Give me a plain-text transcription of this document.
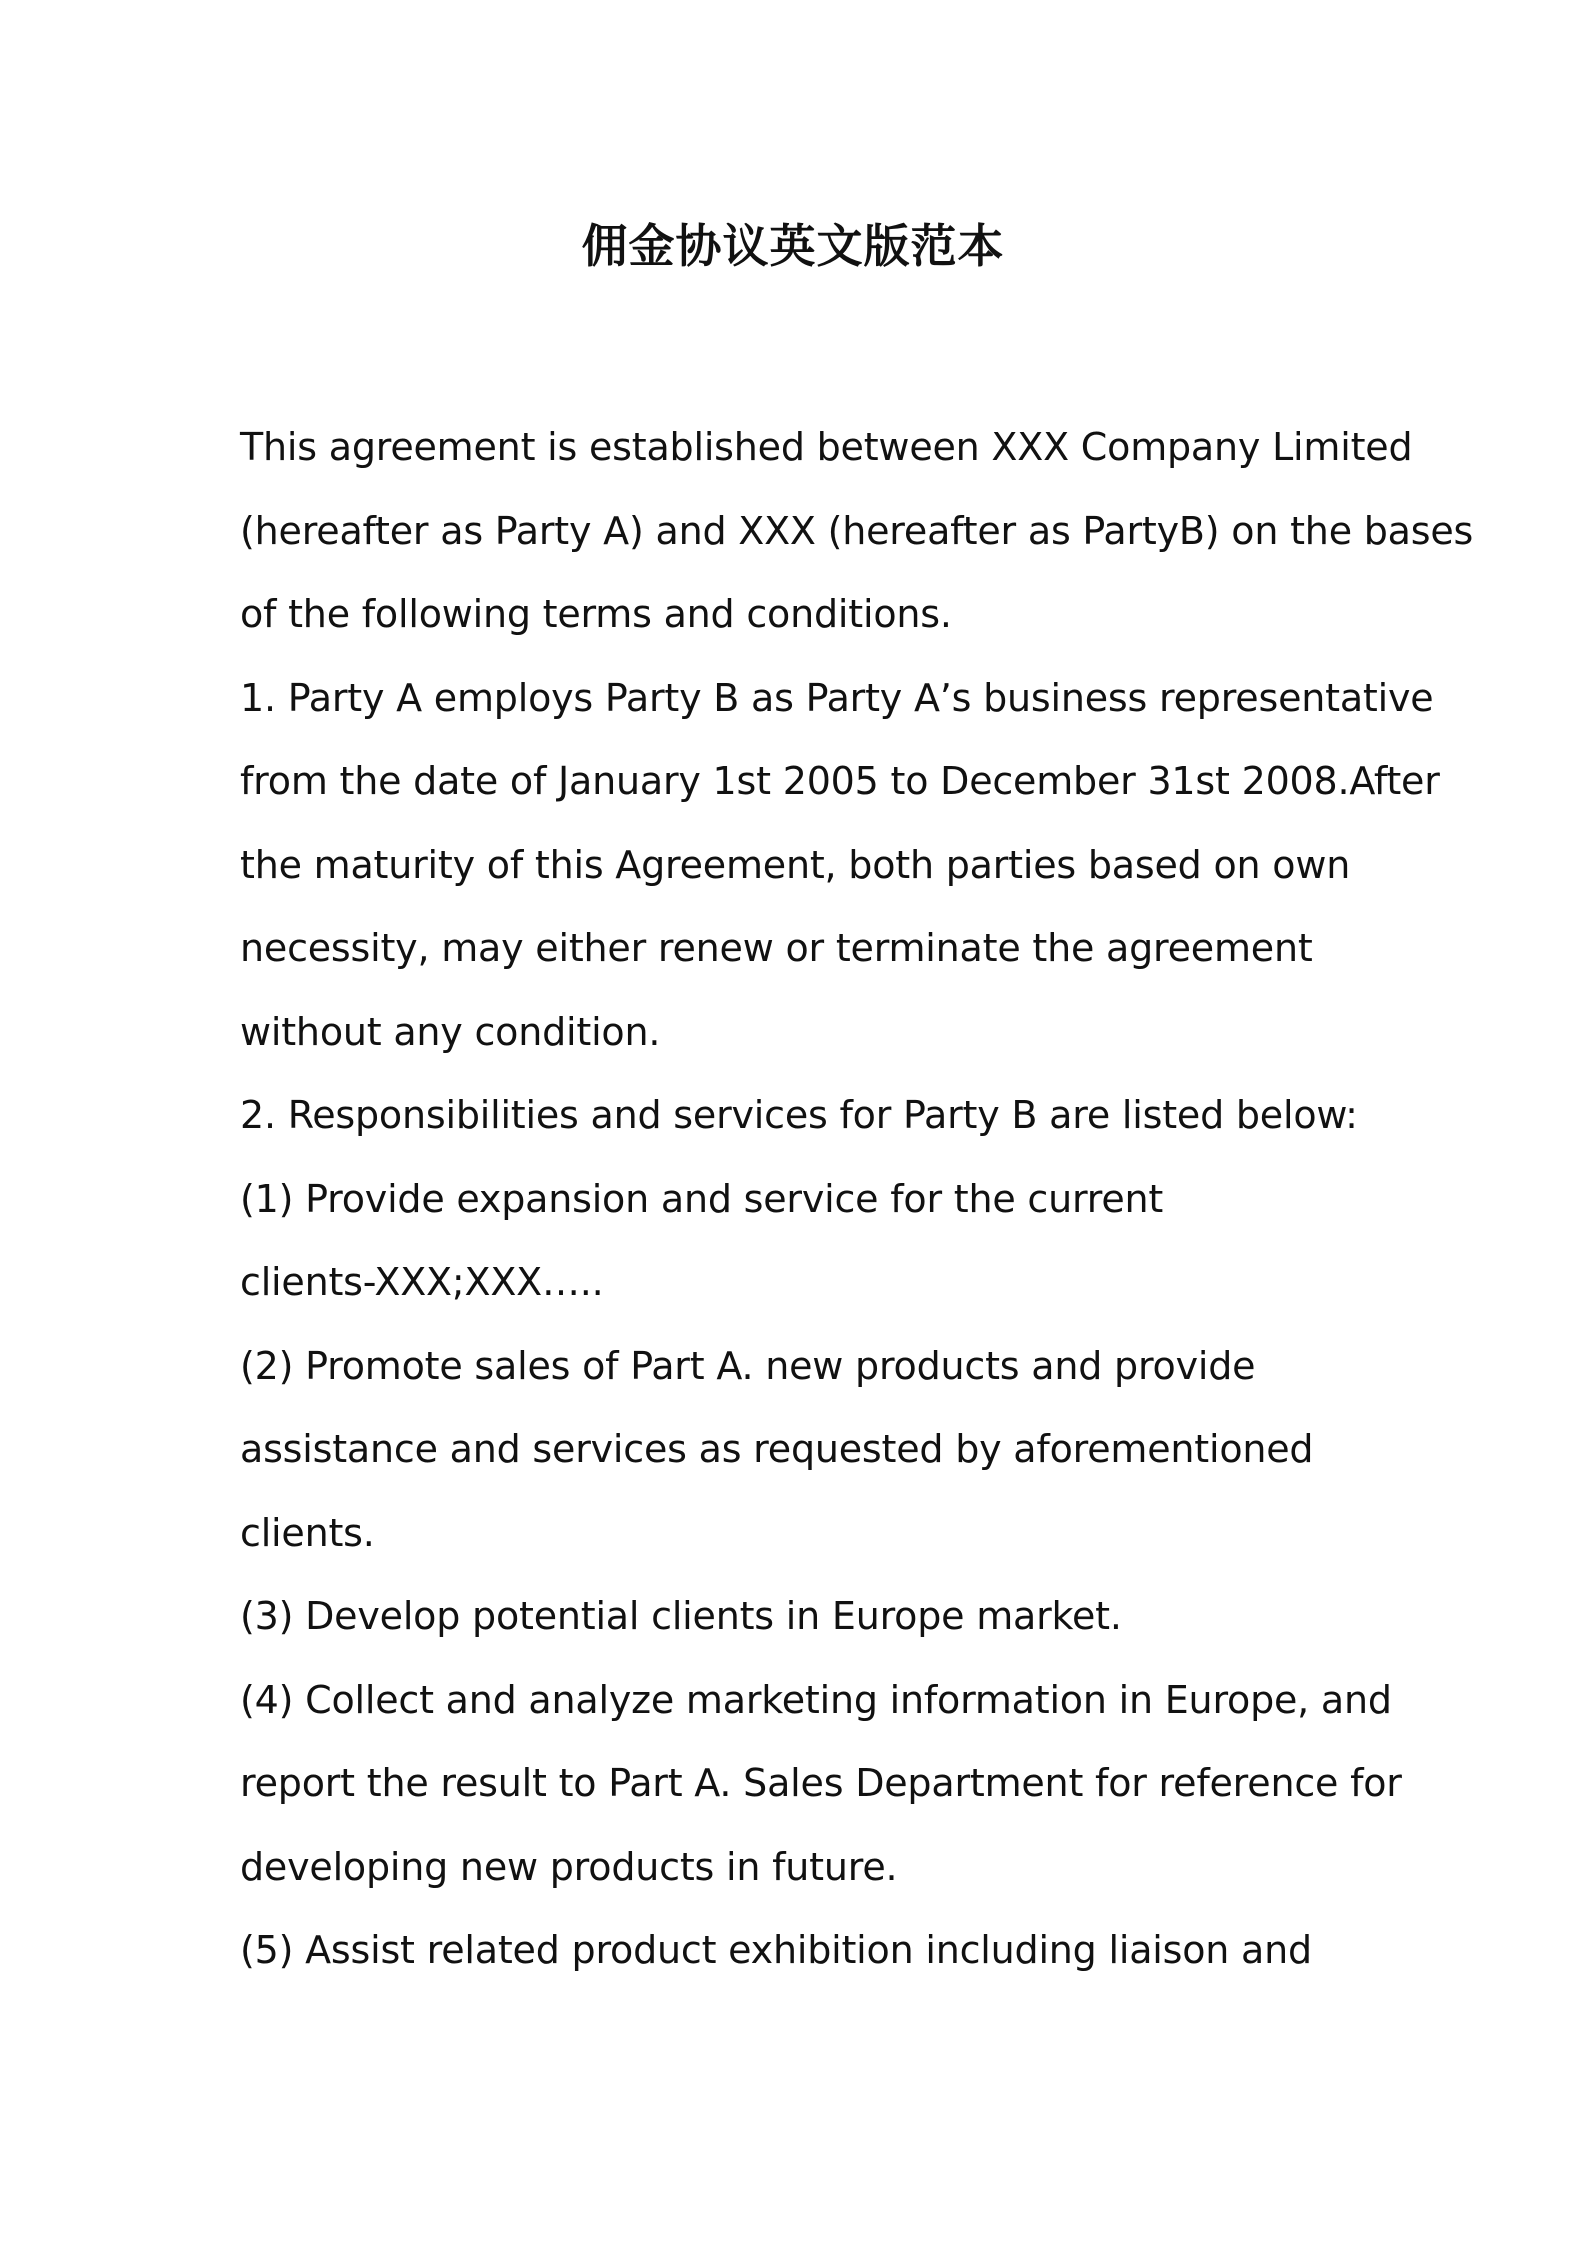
佣金协议英文版范本
This agreement is established between XXX Company Limited
(hereafter as Party A) and XXX (hereafter as PartyB) on the bases
of the following terms and conditions.
1. Party A employs Party B as Party A’s business representative
from the date of January 1st 2005 to December 31st 2008.After
the maturity of this Agreement, both parties based on own
necessity, may either renew or terminate the agreement
without any condition.
2. Responsibilities and services for Party B are listed below:
(1) Provide expansion and service for the current
clients-XXX;XXX…..
(2) Promote sales of Part A. new products and provide
assistance and services as requested by aforementioned
clients.
(3) Develop potential clients in Europe market.
(4) Collect and analyze marketing information in Europe, and
report the result to Part A. Sales Department for reference for
developing new products in future.
(5) Assist related product exhibition including liaison and
